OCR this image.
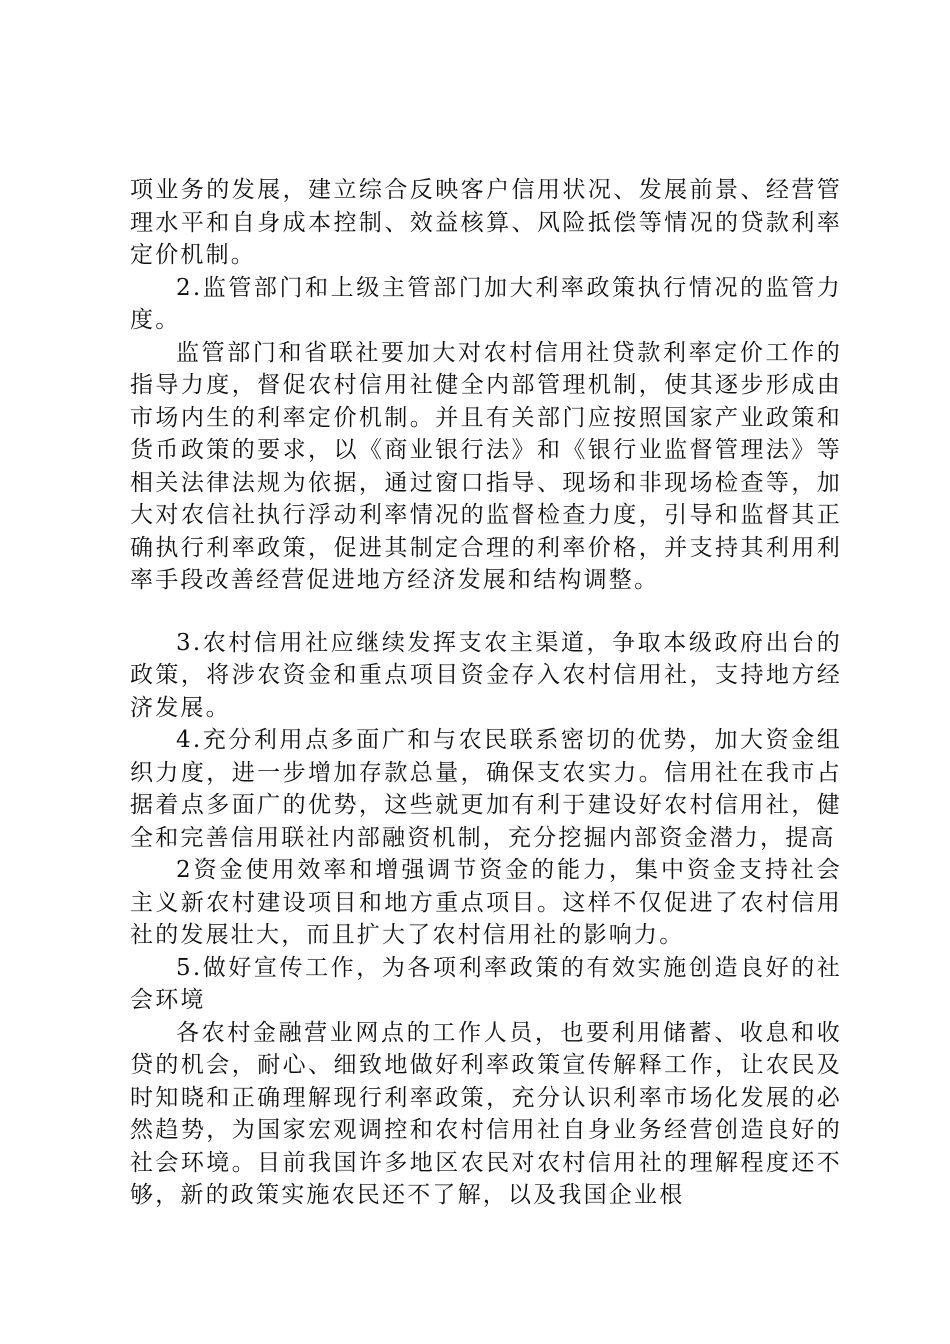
项业务的发展，建立综合反映客户信用状况、发展前景、经营管理水平和自身成本控制、效益核算、风险抵偿等情况的贷款利率定价机制。

2.监管部门和上级主管部门加大利率政策执行情况的监管力度。

监管部门和省联社要加大对农村信用社贷款利率定价工作的指导力度，督促农村信用社健全内部管理机制，使其逐步形成由市场内生的利率定价机制。并且有关部门应按照国家产业政策和货币政策的要求，以《商业银行法》和《银行业监督管理法》等相关法律法规为依据，通过窗口指导、现场和非现场检查等，加大对农信社执行浮动利率情况的监督检查力度，引导和监督其正确执行利率政策，促进其制定合理的利率价格，并支持其利用利率手段改善经营促进地方经济发展和结构调整。

3.农村信用社应继续发挥支农主渠道，争取本级政府出台的政策，将涉农资金和重点项目资金存入农村信用社，支持地方经济发展。

4.充分利用点多面广和与农民联系密切的优势，加大资金组织力度，进一步增加存款总量，确保支农实力。信用社在我市占据着点多面广的优势，这些就更加有利于建设好农村信用社，健全和完善信用联社内部融资机制，充分挖掘内部资金潜力，提高

2资金使用效率和增强调节资金的能力，集中资金支持社会主义新农村建设项目和地方重点项目。这样不仅促进了农村信用社的发展壮大，而且扩大了农村信用社的影响力。

5.做好宣传工作，为各项利率政策的有效实施创造良好的社会环境

各农村金融营业网点的工作人员，也要利用储蓄、收息和收贷的机会，耐心、细致地做好利率政策宣传解释工作，让农民及时知晓和正确理解现行利率政策，充分认识利率市场化发展的必然趋势，为国家宏观调控和农村信用社自身业务经营创造良好的社会环境。目前我国许多地区农民对农村信用社的理解程度还不够，新的政策实施农民还不了解，以及我国企业根
